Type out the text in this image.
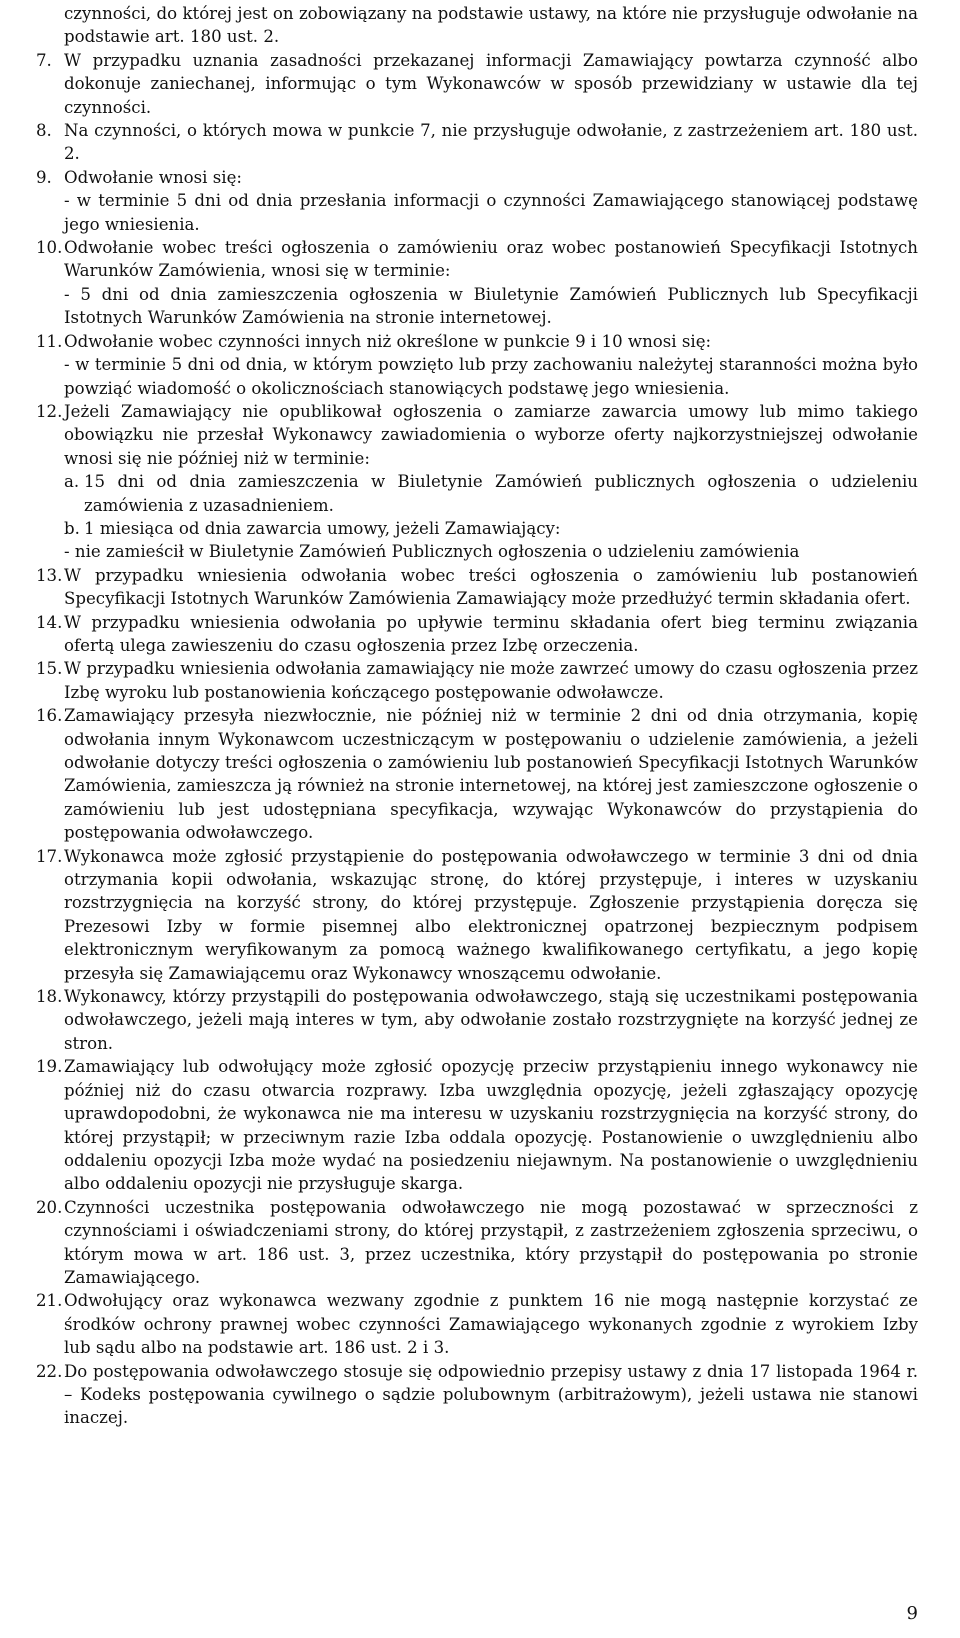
czynności, do której jest on zobowiązany na podstawie ustawy, na które nie przysługuje odwołanie na podstawie art. 180 ust. 2.

7. W przypadku uznania zasadności przekazanej informacji Zamawiający powtarza czynność albo dokonuje zaniechanej, informując o tym Wykonawców w sposób przewidziany w ustawie dla tej czynności.

8. Na czynności, o których mowa w punkcie 7, nie przysługuje odwołanie, z zastrzeżeniem art. 180 ust. 2.

9. Odwołanie wnosi się:

- w terminie 5 dni od dnia przesłania informacji o czynności Zamawiającego stanowiącej podstawę jego wniesienia.

10. Odwołanie wobec treści ogłoszenia o zamówieniu oraz wobec postanowień Specyfikacji Istotnych Warunków Zamówienia, wnosi się w terminie:

- 5 dni od dnia zamieszczenia ogłoszenia w Biuletynie Zamówień Publicznych lub Specyfikacji Istotnych Warunków Zamówienia na stronie internetowej.

11. Odwołanie wobec czynności innych niż określone w punkcie 9 i 10 wnosi się:

- w terminie 5 dni od dnia, w którym powzięto lub przy zachowaniu należytej staranności można było powziąć wiadomość o okolicznościach stanowiących podstawę jego wniesienia.

12. Jeżeli Zamawiający nie opublikował ogłoszenia o zamiarze zawarcia umowy lub mimo takiego obowiązku nie przesłał Wykonawcy zawiadomienia o wyborze oferty najkorzystniejszej odwołanie wnosi się nie później niż w terminie:

a. 15 dni od dnia zamieszczenia w Biuletynie Zamówień publicznych ogłoszenia o udzieleniu zamówienia z uzasadnieniem.
b. 1 miesiąca od dnia zawarcia umowy, jeżeli Zamawiający:

- nie zamieścił w Biuletynie Zamówień Publicznych ogłoszenia o udzieleniu zamówienia

13. W przypadku wniesienia odwołania wobec treści ogłoszenia o zamówieniu lub postanowień Specyfikacji Istotnych Warunków Zamówienia Zamawiający może przedłużyć termin składania ofert.

14. W przypadku wniesienia odwołania po upływie terminu składania ofert bieg terminu związania ofertą ulega zawieszeniu do czasu ogłoszenia przez Izbę orzeczenia.

15. W przypadku wniesienia odwołania zamawiający nie może zawrzeć umowy do czasu ogłoszenia przez Izbę wyroku lub postanowienia kończącego postępowanie odwoławcze.

16. Zamawiający przesyła niezwłocznie, nie później niż w terminie 2 dni od dnia otrzymania, kopię odwołania innym Wykonawcom uczestniczącym w postępowaniu o udzielenie zamówienia, a jeżeli odwołanie dotyczy treści ogłoszenia o zamówieniu lub postanowień Specyfikacji Istotnych Warunków Zamówienia, zamieszcza ją również na stronie internetowej, na której jest zamieszczone ogłoszenie o zamówieniu lub jest udostępniana specyfikacja, wzywając Wykonawców do przystąpienia do postępowania odwoławczego.

17. Wykonawca może zgłosić przystąpienie do postępowania odwoławczego w terminie 3 dni od dnia otrzymania kopii odwołania, wskazując stronę, do której przystępuje, i interes w uzyskaniu rozstrzygnięcia na korzyść strony, do której przystępuje. Zgłoszenie przystąpienia doręcza się Prezesowi Izby w formie pisemnej albo elektronicznej opatrzonej bezpiecznym podpisem elektronicznym weryfikowanym za pomocą ważnego kwalifikowanego certyfikatu, a jego kopię przesyła się Zamawiającemu oraz Wykonawcy wnoszącemu odwołanie.

18. Wykonawcy, którzy przystąpili do postępowania odwoławczego, stają się uczestnikami postępowania odwoławczego, jeżeli mają interes w tym, aby odwołanie zostało rozstrzygnięte na korzyść jednej ze stron.

19. Zamawiający lub odwołujący może zgłosić opozycję przeciw przystąpieniu innego wykonawcy nie później niż do czasu otwarcia rozprawy. Izba uwzględnia opozycję, jeżeli zgłaszający opozycję uprawdopodobni, że wykonawca nie ma interesu w uzyskaniu rozstrzygnięcia na korzyść strony, do której przystąpił; w przeciwnym razie Izba oddala opozycję. Postanowienie o uwzględnieniu albo oddaleniu opozycji Izba może wydać na posiedzeniu niejawnym. Na postanowienie o uwzględnieniu albo oddaleniu opozycji nie przysługuje skarga.

20. Czynności uczestnika postępowania odwoławczego nie mogą pozostawać w sprzeczności z czynnościami i oświadczeniami strony, do której przystąpił, z zastrzeżeniem zgłoszenia sprzeciwu, o którym mowa w art. 186 ust. 3, przez uczestnika, który przystąpił do postępowania po stronie Zamawiającego.

21. Odwołujący oraz wykonawca wezwany zgodnie z punktem 16 nie mogą następnie korzystać ze środków ochrony prawnej wobec czynności Zamawiającego wykonanych zgodnie z wyrokiem Izby lub sądu albo na podstawie art. 186 ust. 2 i 3.

22. Do postępowania odwoławczego stosuje się odpowiednio przepisy ustawy z dnia 17 listopada 1964 r. – Kodeks postępowania cywilnego o sądzie polubownym (arbitrażowym), jeżeli ustawa nie stanowi inaczej.

9
